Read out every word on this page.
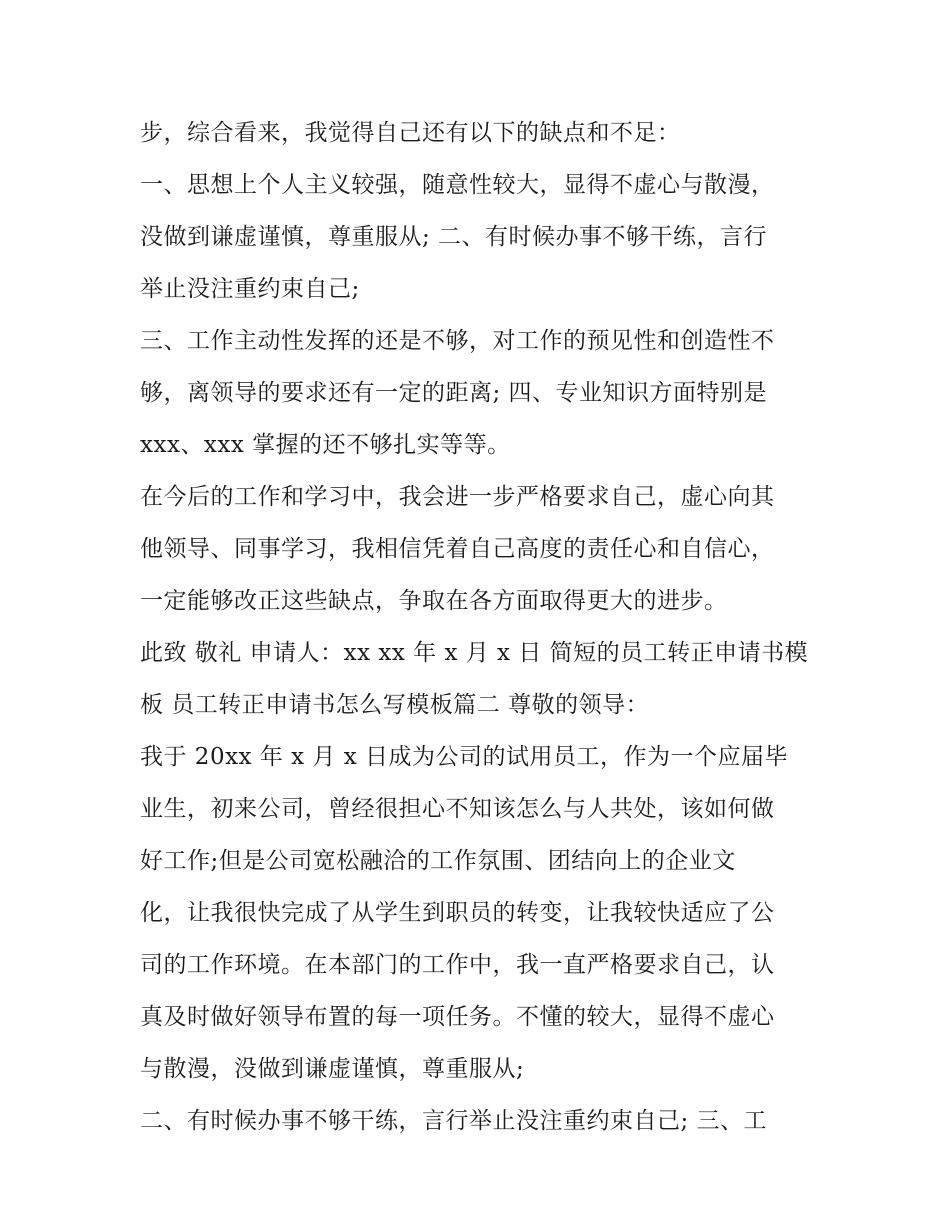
步，综合看来，我觉得自己还有以下的缺点和不足：
一、思想上个人主义较强，随意性较大，显得不虚心与散漫，
没做到谦虚谨慎，尊重服从; 二、有时候办事不够干练，言行
举止没注重约束自己;
三、工作主动性发挥的还是不够，对工作的预见性和创造性不
够，离领导的要求还有一定的距离; 四、专业知识方面特别是
xxx、xxx 掌握的还不够扎实等等。
在今后的工作和学习中，我会进一步严格要求自己，虚心向其
他领导、同事学习，我相信凭着自己高度的责任心和自信心，
一定能够改正这些缺点，争取在各方面取得更大的进步。
此致 敬礼 申请人：xx xx 年 x 月 x 日 简短的员工转正申请书模
板 员工转正申请书怎么写模板篇二 尊敬的领导：
我于 20xx 年 x 月 x 日成为公司的试用员工，作为一个应届毕
业生，初来公司，曾经很担心不知该怎么与人共处，该如何做
好工作;但是公司宽松融洽的工作氛围、团结向上的企业文
化，让我很快完成了从学生到职员的转变，让我较快适应了公
司的工作环境。在本部门的工作中，我一直严格要求自己，认
真及时做好领导布置的每一项任务。不懂的较大，显得不虚心
与散漫，没做到谦虚谨慎，尊重服从;
二、有时候办事不够干练，言行举止没注重约束自己; 三、工
